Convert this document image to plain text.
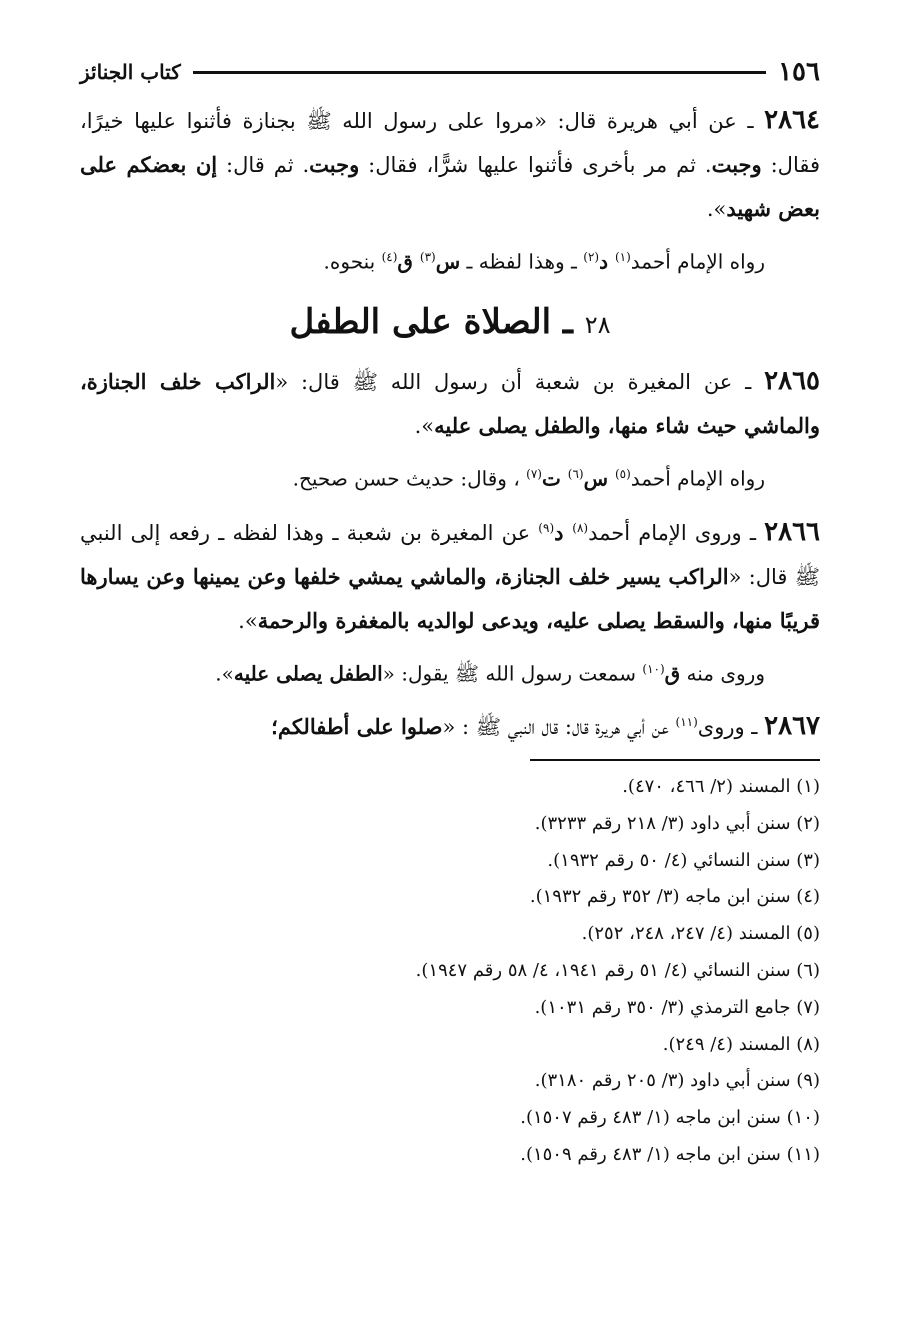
١٥٦
كتاب الجنائز

٢٨٦٤ ـ عن أبي هريرة قال: «مروا على رسول الله ﷺ بجنازة فأثنوا عليها خيرًا، فقال: وجبت. ثم مر بأخرى فأثنوا عليها شرًّا، فقال: وجبت. ثم قال: إن بعضكم على بعض شهيد».

رواه الإمام أحمد$^{(١)}$ د$^{(٢)}$ ـ وهذا لفظه ـ س$^{(٣)}$ ق$^{(٤)}$ بنحوه.

٢٨ ـ الصلاة على الطفل

٢٨٦٥ ـ عن المغيرة بن شعبة أن رسول الله ﷺ قال: «الراكب خلف الجنازة، والماشي حيث شاء منها، والطفل يصلى عليه».

رواه الإمام أحمد$^{(٥)}$ س$^{(٦)}$ ت$^{(٧)}$ ، وقال: حديث حسن صحيح.

٢٨٦٦ ـ وروى الإمام أحمد$^{(٨)}$ د$^{(٩)}$ عن المغيرة بن شعبة ـ وهذا لفظه ـ رفعه إلى النبي ﷺ قال: «الراكب يسير خلف الجنازة، والماشي يمشي خلفها وعن يمينها وعن يسارها قريبًا منها، والسقط يصلى عليه، ويدعى لوالديه بالمغفرة والرحمة».

وروى منه ق$^{(١٠)}$ سمعت رسول الله ﷺ يقول: «الطفل يصلى عليه».

٢٨٦٧ ـ وروى$^{(١١)}$ عن أبي هريرة قال: قال النبي ﷺ : «صلوا على أطفالكم؛

(١) المسند (٢/ ٤٦٦، ٤٧٠).
(٢) سنن أبي داود (٣/ ٢١٨ رقم ٣٢٣٣).
(٣) سنن النسائي (٤/ ٥٠ رقم ١٩٣٢).
(٤) سنن ابن ماجه (٣/ ٣٥٢ رقم ١٩٣٢).
(٥) المسند (٤/ ٢٤٧، ٢٤٨، ٢٥٢).
(٦) سنن النسائي (٤/ ٥١ رقم ١٩٤١، ٤/ ٥٨ رقم ١٩٤٧).
(٧) جامع الترمذي (٣/ ٣٥٠ رقم ١٠٣١).
(٨) المسند (٤/ ٢٤٩).
(٩) سنن أبي داود (٣/ ٢٠٥ رقم ٣١٨٠).
(١٠) سنن ابن ماجه (١/ ٤٨٣ رقم ١٥٠٧).
(١١) سنن ابن ماجه (١/ ٤٨٣ رقم ١٥٠٩).
